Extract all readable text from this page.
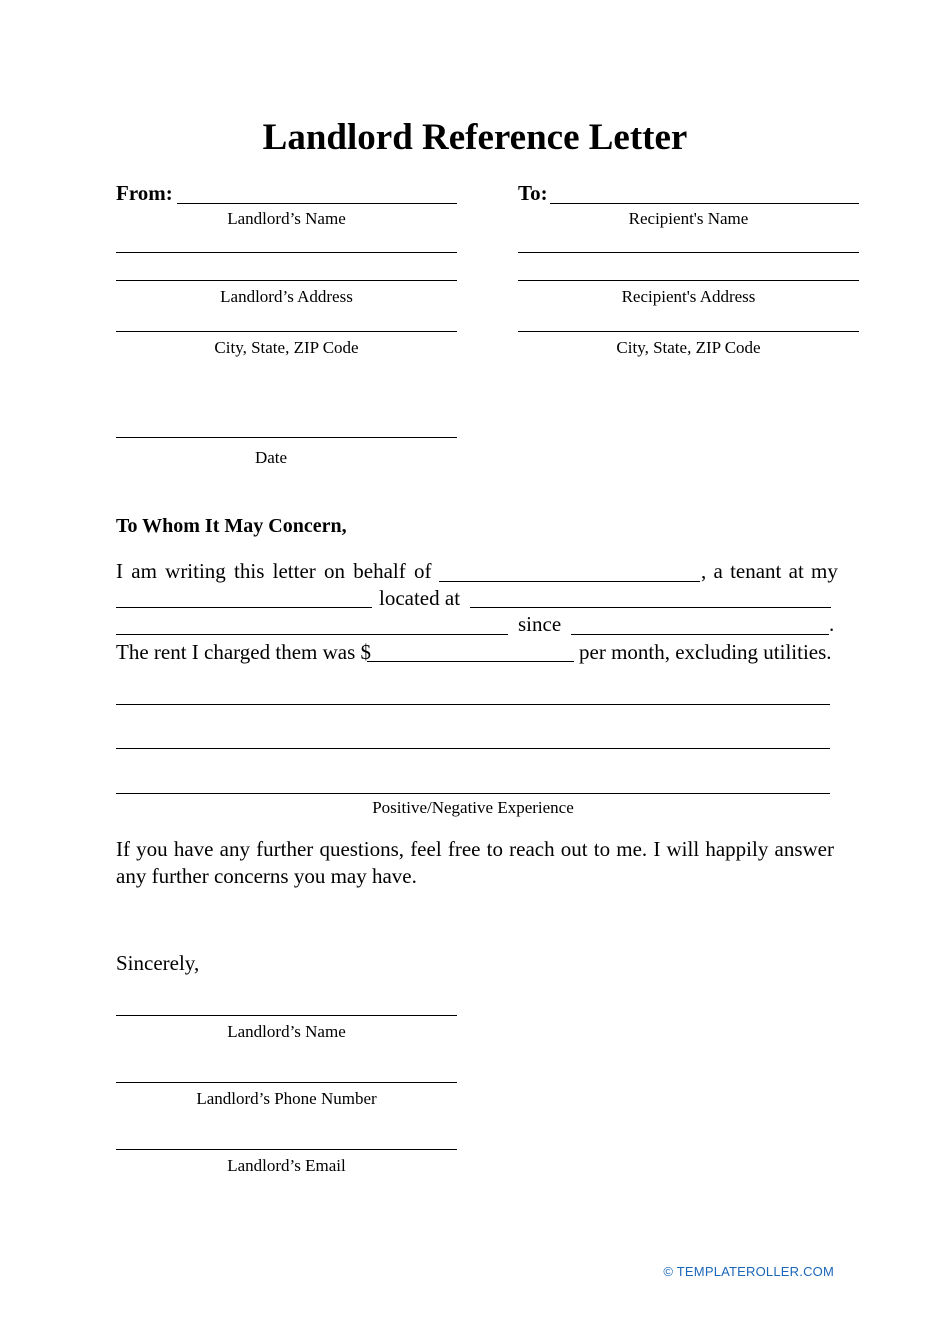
Landlord Reference Letter
From:
Landlord’s Name
Landlord’s Address
City, State, ZIP Code
To:
Recipient's Name
Recipient's Address
City, State, ZIP Code
Date
To Whom It May Concern,
I am writing this letter on behalf of	, a tenant at my
located at
since	.
The rent I charged them was $	per month, excluding utilities.
Positive/Negative Experience
If you have any further questions, feel free to reach out to me. I will happily answer
any further concerns you may have.
Sincerely,
Landlord’s Name
Landlord’s Phone Number
Landlord’s Email
© TEMPLATEROLLER.COM
